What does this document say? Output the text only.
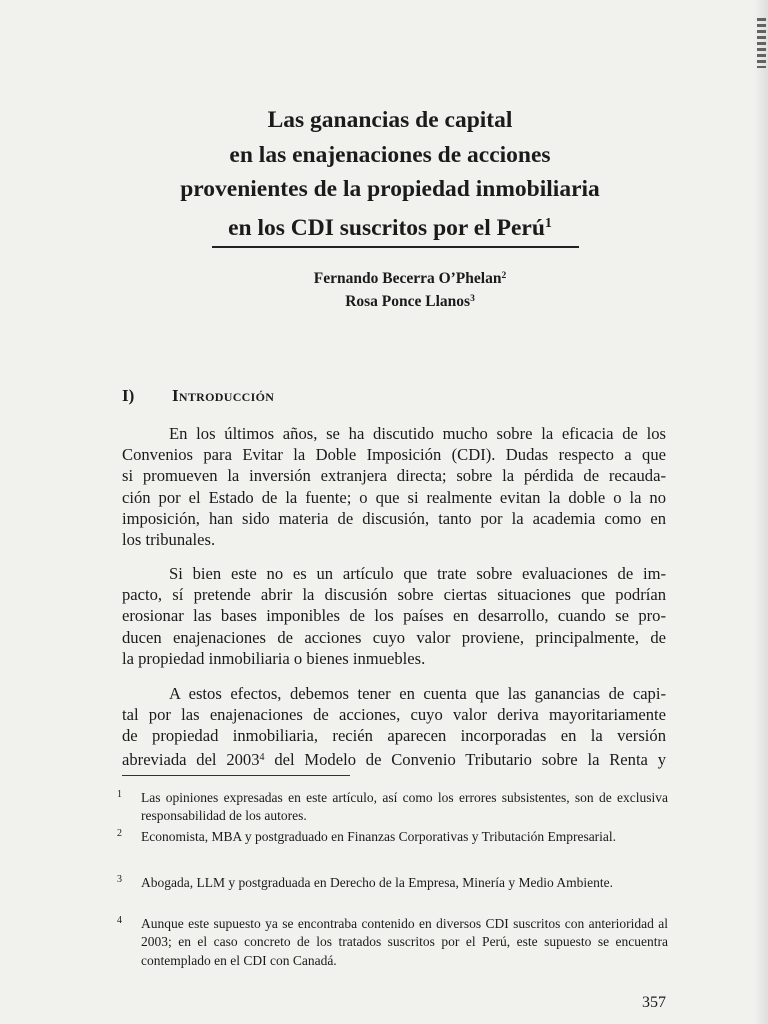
Las ganancias de capital
en las enajenaciones de acciones
provenientes de la propiedad inmobiliaria
en los CDI suscritos por el Perú$^1$
Fernando Becerra O’Phelan$^2$
Rosa Ponce Llanos$^3$
I) Introducción
En los últimos años, se ha discutido mucho sobre la eficacia de los
Convenios para Evitar la Doble Imposición (CDI). Dudas respecto a que
si promueven la inversión extranjera directa; sobre la pérdida de recauda-
ción por el Estado de la fuente; o que si realmente evitan la doble o la no
imposición, han sido materia de discusión, tanto por la academia como en
los tribunales.
Si bien este no es un artículo que trate sobre evaluaciones de im-
pacto, sí pretende abrir la discusión sobre ciertas situaciones que podrían
erosionar las bases imponibles de los países en desarrollo, cuando se pro-
ducen enajenaciones de acciones cuyo valor proviene, principalmente, de
la propiedad inmobiliaria o bienes inmuebles.
A estos efectos, debemos tener en cuenta que las ganancias de capi-
tal por las enajenaciones de acciones, cuyo valor deriva mayoritariamente
de propiedad inmobiliaria, recién aparecen incorporadas en la versión
abreviada del 2003$^4$ del Modelo de Convenio Tributario sobre la Renta y
1 Las opiniones expresadas en este artículo, así como los errores subsistentes, son de exclusiva responsabilidad de los autores.
2 Economista, MBA y postgraduado en Finanzas Corporativas y Tributación Empresarial.
3 Abogada, LLM y postgraduada en Derecho de la Empresa, Minería y Medio Ambiente.
4 Aunque este supuesto ya se encontraba contenido en diversos CDI suscritos con anterioridad al 2003; en el caso concreto de los tratados suscritos por el Perú, este supuesto se encuentra contemplado en el CDI con Canadá.
357
